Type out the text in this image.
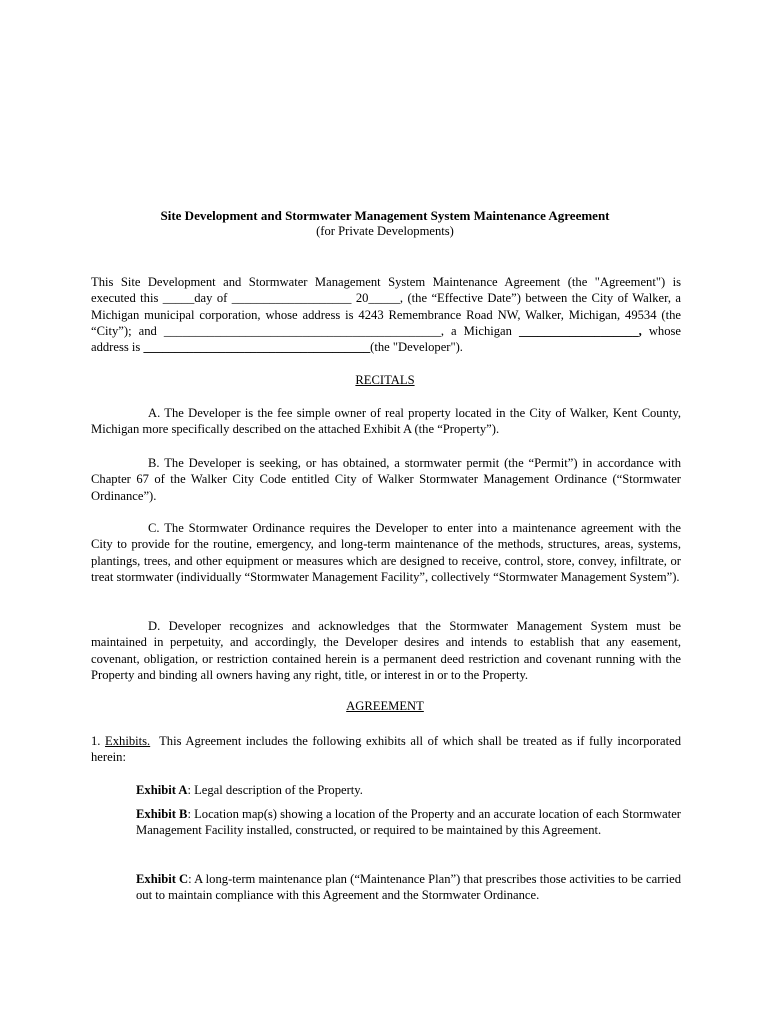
Site Development and Stormwater Management System Maintenance Agreement
(for Private Developments)

This Site Development and Stormwater Management System Maintenance Agreement (the "Agreement") is executed this _____day of ___________________ 20_____, (the “Effective Date”) between the City of Walker, a Michigan municipal corporation, whose address is 4243 Remembrance Road NW, Walker, Michigan, 49534 (the “City”); and ____________________________________________, a Michigan ___________________, whose address is ____________________________________(the "Developer").

RECITALS

A. The Developer is the fee simple owner of real property located in the City of Walker, Kent County, Michigan more specifically described on the attached Exhibit A (the “Property”).

B. The Developer is seeking, or has obtained, a stormwater permit (the “Permit”) in accordance with Chapter 67 of the Walker City Code entitled City of Walker Stormwater Management Ordinance (“Stormwater Ordinance”).

C. The Stormwater Ordinance requires the Developer to enter into a maintenance agreement with the City to provide for the routine, emergency, and long-term maintenance of the methods, structures, areas, systems, plantings, trees, and other equipment or measures which are designed to receive, control, store, convey, infiltrate, or treat stormwater (individually “Stormwater Management Facility”, collectively “Stormwater Management System”).

D. Developer recognizes and acknowledges that the Stormwater Management System must be maintained in perpetuity, and accordingly, the Developer desires and intends to establish that any easement, covenant, obligation, or restriction contained herein is a permanent deed restriction and covenant running with the Property and binding all owners having any right, title, or interest in or to the Property.

AGREEMENT

1. Exhibits. This Agreement includes the following exhibits all of which shall be treated as if fully incorporated herein:

Exhibit A: Legal description of the Property.

Exhibit B: Location map(s) showing a location of the Property and an accurate location of each Stormwater Management Facility installed, constructed, or required to be maintained by this Agreement.

Exhibit C: A long-term maintenance plan (“Maintenance Plan”) that prescribes those activities to be carried out to maintain compliance with this Agreement and the Stormwater Ordinance.
